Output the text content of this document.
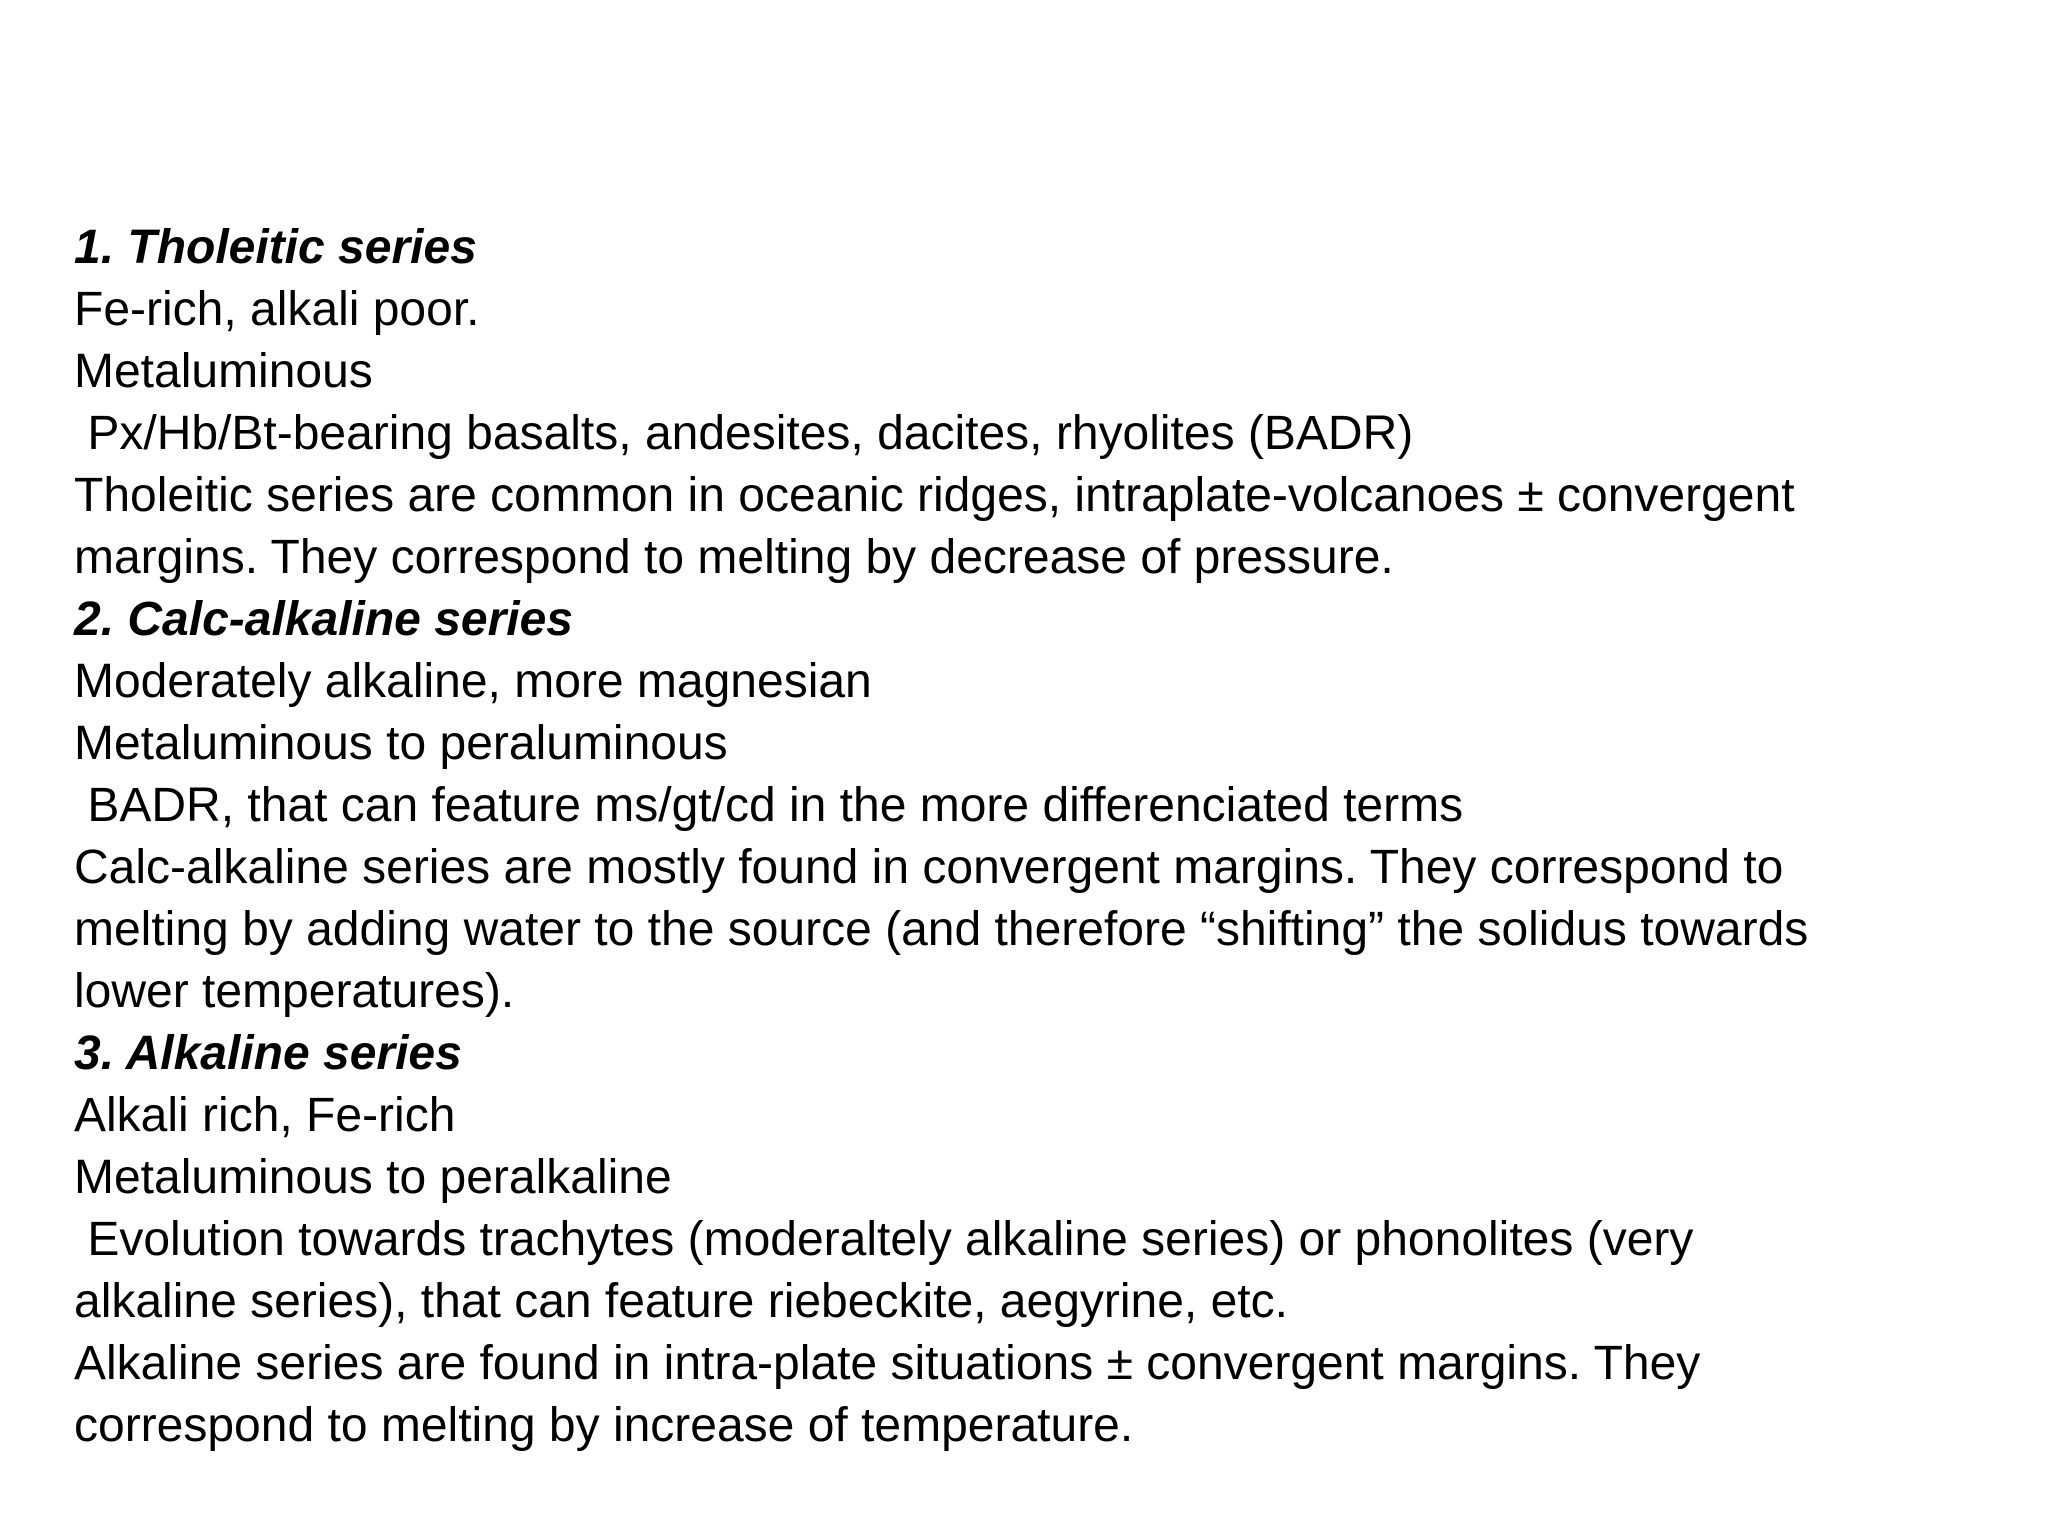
1. Tholeitic series
Fe-rich, alkali poor.
Metaluminous
Px/Hb/Bt-bearing basalts, andesites, dacites, rhyolites (BADR)
Tholeitic series are common in oceanic ridges, intraplate-volcanoes ± convergent
margins. They correspond to melting by decrease of pressure.
2. Calc-alkaline series
Moderately alkaline, more magnesian
Metaluminous to peraluminous
BADR, that can feature ms/gt/cd in the more differenciated terms
Calc-alkaline series are mostly found in convergent margins. They correspond to
melting by adding water to the source (and therefore “shifting” the solidus towards
lower temperatures).
3. Alkaline series
Alkali rich, Fe-rich
Metaluminous to peralkaline
Evolution towards trachytes (moderaltely alkaline series) or phonolites (very
alkaline series), that can feature riebeckite, aegyrine, etc.
Alkaline series are found in intra-plate situations ± convergent margins. They
correspond to melting by increase of temperature.
